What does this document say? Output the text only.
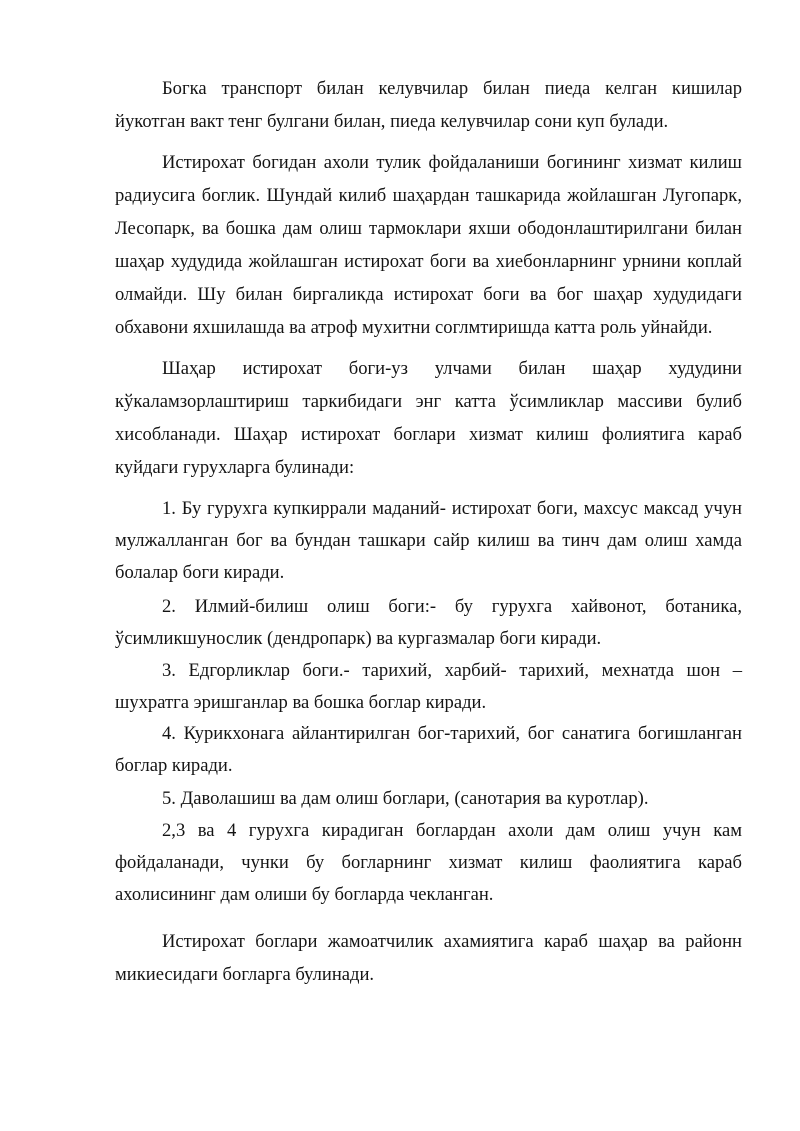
Богка транспорт билан келувчилар билан пиеда келган кишилар йукотган вакт тенг булгани билан, пиеда келувчилар сони куп булади.

Истирохат богидан ахоли тулик фойдаланиши богининг хизмат килиш радиусига боглик. Шундай килиб шаҳардан ташкарида жойлашган Лугопарк, Лесопарк, ва бошка дам олиш тармоклари яхши ободонлаштирилгани билан шаҳар худудида жойлашган истирохат боги ва хиебонларнинг урнини коплай олмайди. Шу билан биргаликда истирохат боги ва бог шаҳар худудидаги обхавони яхшилашда ва атроф мухитни соглмтиришда катта роль уйнайди.

Шаҳар истирохат боги-уз улчами билан шаҳар худудини кўкаламзорлаштириш таркибидаги энг катта ўсимликлар массиви булиб хисобланади. Шаҳар истирохат боглари хизмат килиш фолиятига караб куйдаги гурухларга булинади:

1. Бу гурухга купкиррали маданий- истирохат боги, махсус максад учун мулжалланган бог ва бундан ташкари сайр килиш ва тинч дам олиш хамда болалар боги киради.

2. Илмий-билиш олиш боги:- бу гурухга хайвонот, ботаника, ўсимликшунослик (дендропарк) ва кургазмалар боги киради.

3. Едгорликлар боги.- тарихий, харбий- тарихий, мехнатда шон – шухратга эришганлар ва бошка боглар киради.

4. Курикхонага айлантирилган бог-тарихий, бог санатига богишланган боглар киради.

5. Даволашиш ва дам олиш боглари, (санотария ва куротлар).

2,3 ва 4 гурухга кирадиган боглардан ахоли дам олиш учун кам фойдаланади, чунки бу богларнинг хизмат килиш фаолиятига караб ахолисининг дам олиши бу богларда чекланган.

Истирохат боглари жамоатчилик ахамиятига караб шаҳар ва районн микиесидаги богларга булинади.
